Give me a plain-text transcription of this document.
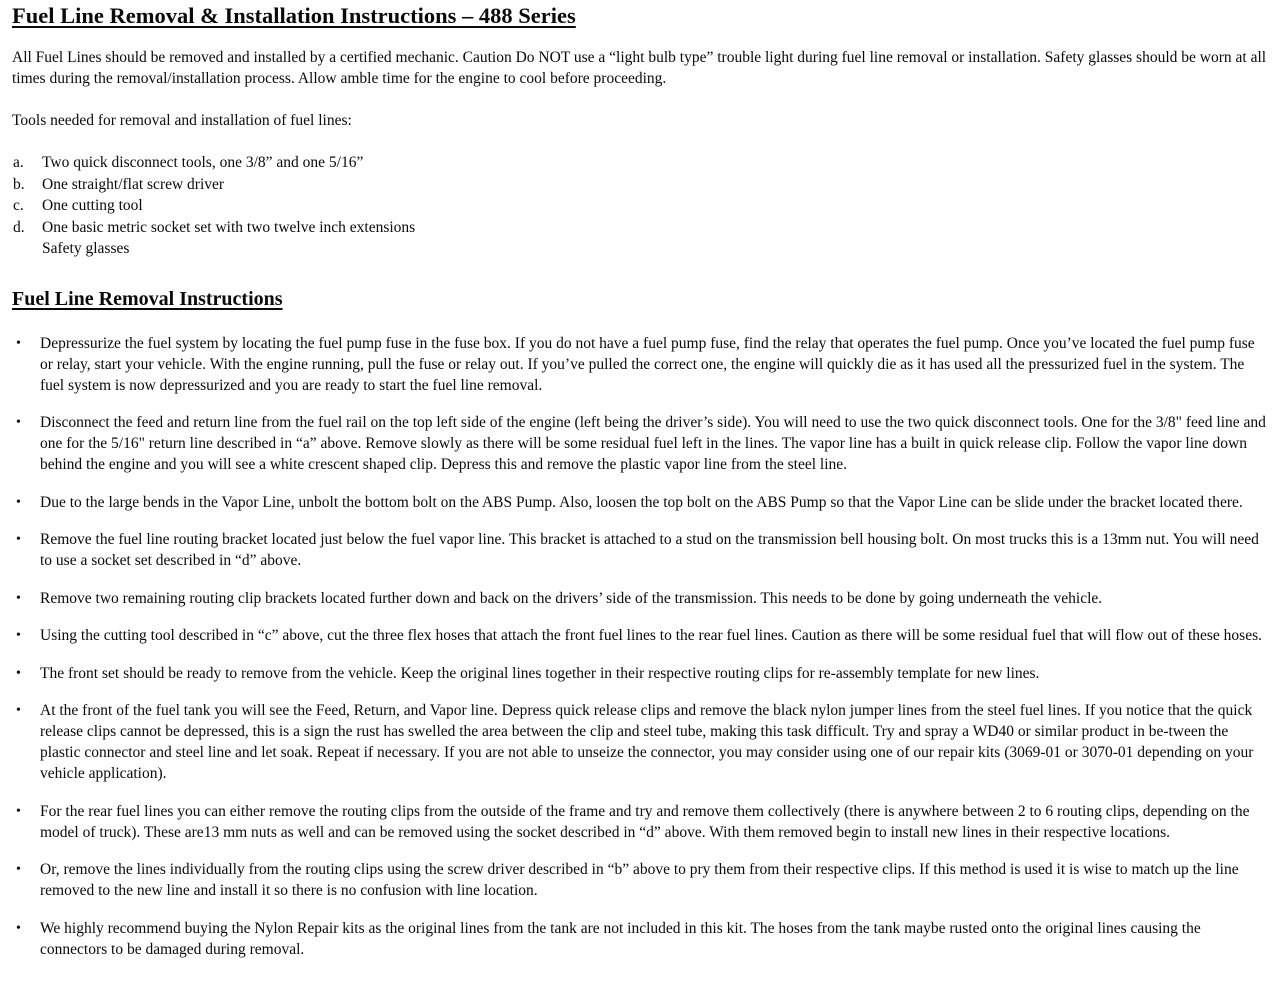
Fuel Line Removal & Installation Instructions – 488 Series

All Fuel Lines should be removed and installed by a certified mechanic. Caution Do NOT use a “light bulb type” trouble light during fuel line removal or installation. Safety glasses should be worn at all times during the removal/installation process. Allow amble time for the engine to cool before proceeding.

Tools needed for removal and installation of fuel lines:

a.	Two quick disconnect tools, one 3/8” and one 5/16”
b.	One straight/flat screw driver
c.	One cutting tool
d.	One basic metric socket set with two twelve inch extensions
Safety glasses
Fuel Line Removal Instructions
•	Depressurize the fuel system by locating the fuel pump fuse in the fuse box. If you do not have a fuel pump fuse, find the relay that operates the fuel pump. Once you’ve located the fuel pump fuse or relay, start your vehicle. With the engine running, pull the fuse or relay out. If you’ve pulled the correct one, the engine will quickly die as it has used all the pressurized fuel in the system. The fuel system is now depressurized and you are ready to start the fuel line removal.
•	Disconnect the feed and return line from the fuel rail on the top left side of the engine (left being the driver’s side). You will need to use the two quick disconnect tools. One for the 3/8" feed line and one for the 5/16" return line described in “a” above. Remove slowly as there will be some residual fuel left in the lines. The vapor line has a built in quick release clip. Follow the vapor line down behind the engine and you will see a white crescent shaped clip. Depress this and remove the plastic vapor line from the steel line.
•	Due to the large bends in the Vapor Line, unbolt the bottom bolt on the ABS Pump. Also, loosen the top bolt on the ABS Pump so that the Vapor Line can be slide under the bracket located there.
•	Remove the fuel line routing bracket located just below the fuel vapor line. This bracket is attached to a stud on the transmission bell housing bolt. On most trucks this is a 13mm nut. You will need to use a socket set described in “d” above.
•	Remove two remaining routing clip brackets located further down and back on the drivers’ side of the transmission. This needs to be done by going underneath the vehicle.
•	Using the cutting tool described in “c” above, cut the three flex hoses that attach the front fuel lines to the rear fuel lines. Caution as there will be some residual fuel that will flow out of these hoses.
•	The front set should be ready to remove from the vehicle. Keep the original lines together in their respective routing clips for re-assembly template for new lines.
•	At the front of the fuel tank you will see the Feed, Return, and Vapor line. Depress quick release clips and remove the black nylon jumper lines from the steel fuel lines. If you notice that the quick release clips cannot be depressed, this is a sign the rust has swelled the area between the clip and steel tube, making this task difficult. Try and spray a WD40 or similar product in be-tween the plastic connector and steel line and let soak. Repeat if necessary. If you are not able to unseize the connector, you may consider using one of our repair kits (3069-01 or 3070-01 depending on your vehicle application).
•	For the rear fuel lines you can either remove the routing clips from the outside of the frame and try and remove them collectively (there is anywhere between 2 to 6 routing clips, depending on the model of truck). These are13 mm nuts as well and can be removed using the socket described in “d” above. With them removed begin to install new lines in their respective locations.
•	Or, remove the lines individually from the routing clips using the screw driver described in “b” above to pry them from their respective clips. If this method is used it is wise to match up the line removed to the new line and install it so there is no confusion with line location.
•	We highly recommend buying the Nylon Repair kits as the original lines from the tank are not included in this kit. The hoses from the tank maybe rusted onto the original lines causing the connectors to be damaged during removal.
